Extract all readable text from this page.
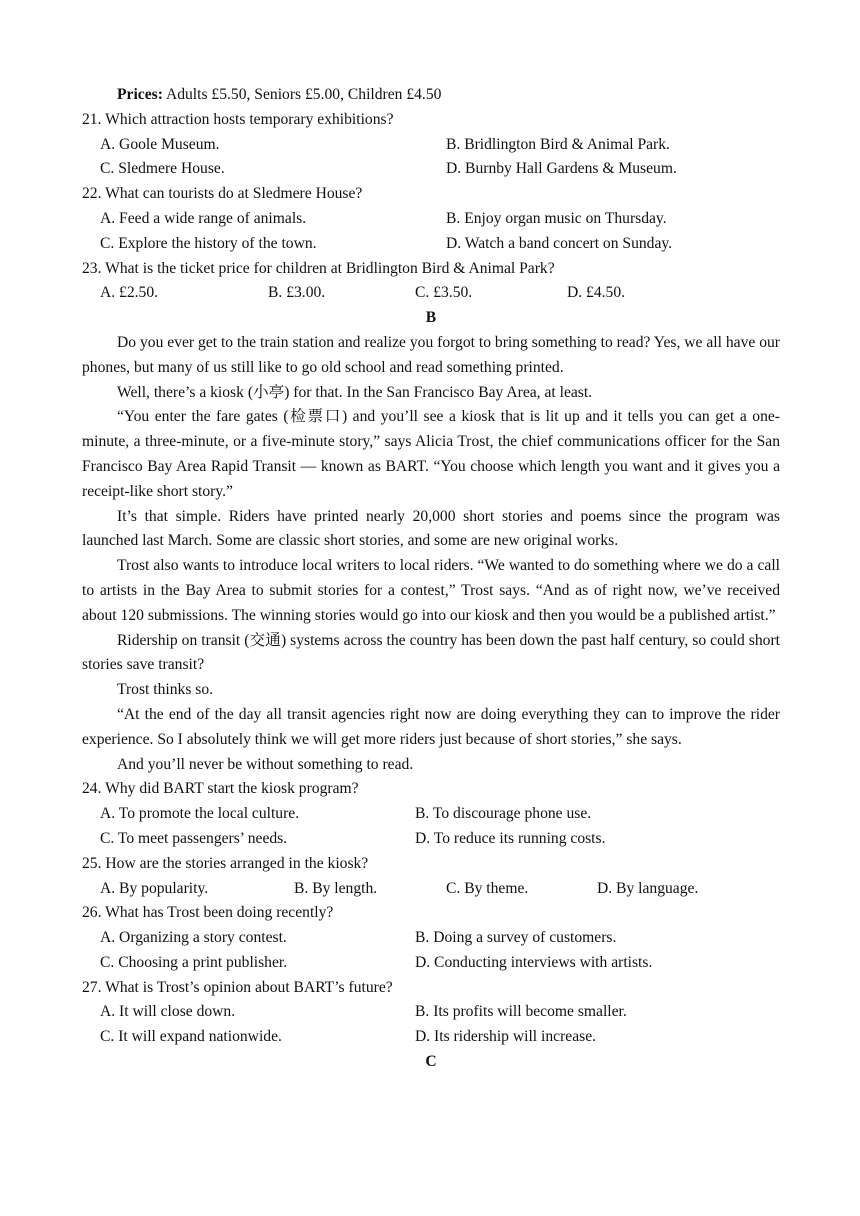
Prices: Adults £5.50, Seniors £5.00, Children £4.50
21. Which attraction hosts temporary exhibitions?
A. Goole Museum.	B. Bridlington Bird & Animal Park.
C. Sledmere House.	D. Burnby Hall Gardens & Museum.
22. What can tourists do at Sledmere House?
A. Feed a wide range of animals.	B. Enjoy organ music on Thursday.
C. Explore the history of the town.	D. Watch a band concert on Sunday.
23. What is the ticket price for children at Bridlington Bird & Animal Park?
A. £2.50.	B. £3.00.	C. £3.50.	D. £4.50.
B

Do you ever get to the train station and realize you forgot to bring something to read? Yes, we all have our phones, but many of us still like to go old school and read something printed.

Well, there’s a kiosk (小亭) for that. In the San Francisco Bay Area, at least.

“You enter the fare gates (检票口) and you’ll see a kiosk that is lit up and it tells you can get a one-minute, a three-minute, or a five-minute story,” says Alicia Trost, the chief communications officer for the San Francisco Bay Area Rapid Transit — known as BART. “You choose which length you want and it gives you a receipt-like short story.”

It’s that simple. Riders have printed nearly 20,000 short stories and poems since the program was launched last March. Some are classic short stories, and some are new original works.

Trost also wants to introduce local writers to local riders. “We wanted to do something where we do a call to artists in the Bay Area to submit stories for a contest,” Trost says. “And as of right now, we’ve received about 120 submissions. The winning stories would go into our kiosk and then you would be a published artist.”

Ridership on transit (交通) systems across the country has been down the past half century, so could short stories save transit?

Trost thinks so.

“At the end of the day all transit agencies right now are doing everything they can to improve the rider experience. So I absolutely think we will get more riders just because of short stories,” she says.

And you’ll never be without something to read.

24. Why did BART start the kiosk program?
A. To promote the local culture.	B. To discourage phone use.
C. To meet passengers’ needs.	D. To reduce its running costs.
25. How are the stories arranged in the kiosk?
A. By popularity.	B. By length.	C. By theme.	D. By language.
26. What has Trost been doing recently?
A. Organizing a story contest.	B. Doing a survey of customers.
C. Choosing a print publisher.	D. Conducting interviews with artists.
27. What is Trost’s opinion about BART’s future?
A. It will close down.	B. Its profits will become smaller.
C. It will expand nationwide.	D. Its ridership will increase.
C
